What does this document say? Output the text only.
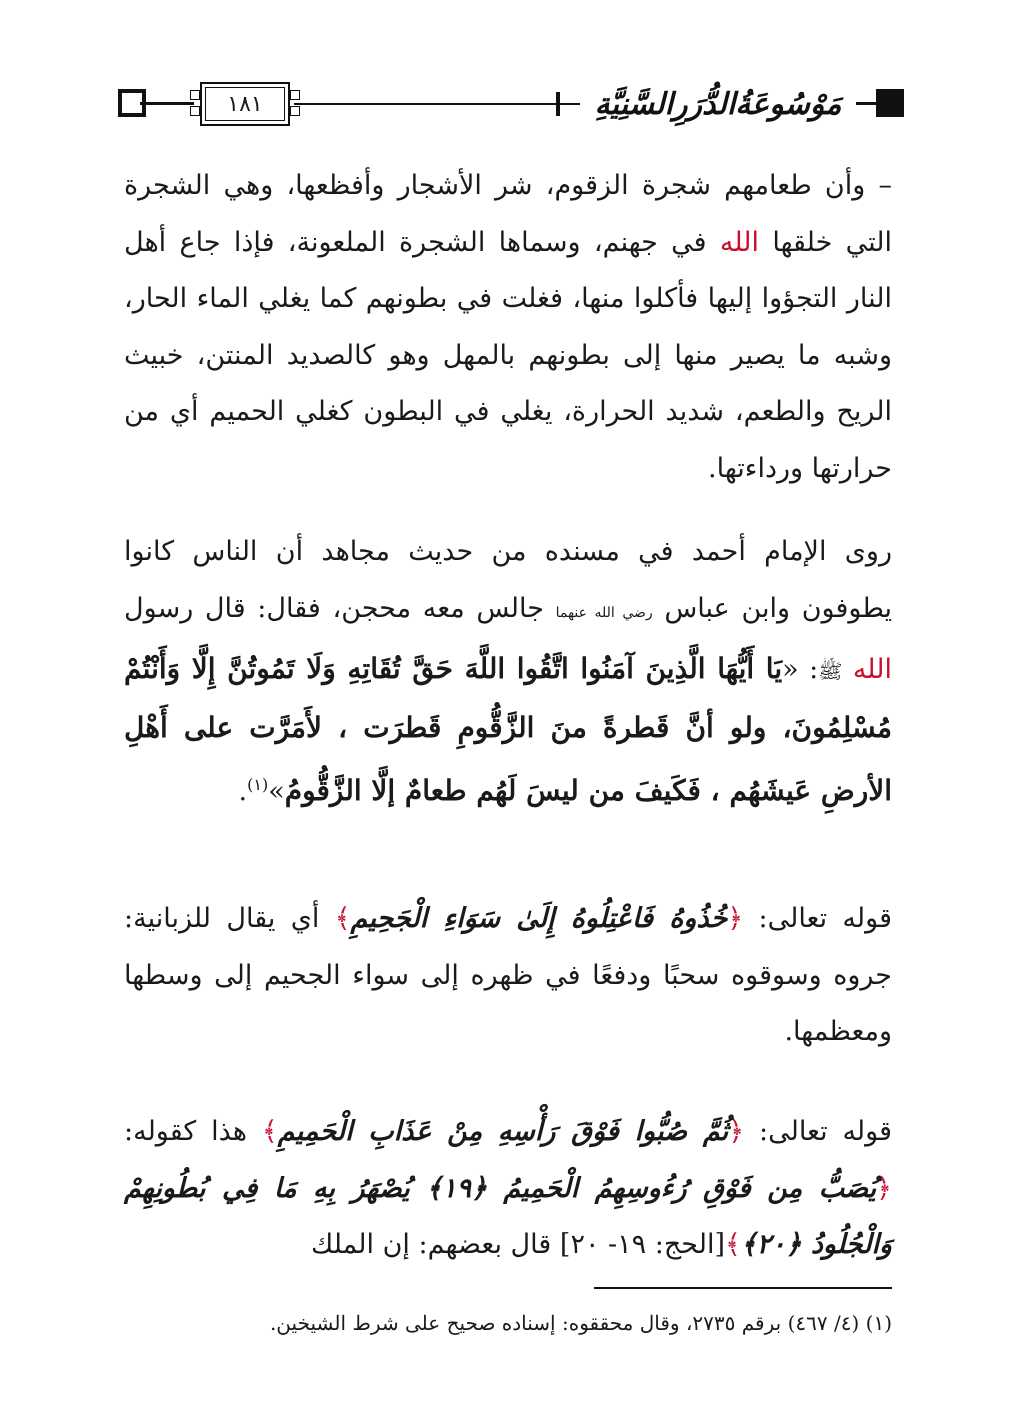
١٨١	مَوْسُوعَةُالدُّرَرِالسَّنِيَّةِ
– وأن طعامهم شجرة الزقوم، شر الأشجار وأفظعها، وهي الشجرة التي خلقها الله في جهنم، وسماها الشجرة الملعونة، فإذا جاع أهل النار التجؤوا إليها فأكلوا منها، فغلت في بطونهم كما يغلي الماء الحار، وشبه ما يصير منها إلى بطونهم بالمهل وهو كالصديد المنتن، خبيث الريح والطعم، شديد الحرارة، يغلي في البطون كغلي الحميم أي من حرارتها ورداءتها.
روى الإمام أحمد في مسنده من حديث مجاهد أن الناس كانوا يطوفون وابن عباس رضي الله عنهما جالس معه محجن، فقال: قال رسول الله ﷺ: «يَا أَيُّهَا الَّذِينَ آمَنُوا اتَّقُوا اللَّهَ حَقَّ تُقَاتِهِ وَلَا تَمُوتُنَّ إِلَّا وَأَنْتُمْ مُسْلِمُونَ، ولو أنَّ قَطرةً منَ الزَّقُّومِ قَطرَت ، لأَمَرَّت على أَهْلِ الأرضِ عَيشَهُم ، فَكَيفَ من ليسَ لَهُم طعامٌ إلَّا الزَّقُّومُ»$^{(١)}$.
قوله تعالى: ﴿خُذُوهُ فَاعْتِلُوهُ إِلَىٰ سَوَاءِ الْجَحِيمِ﴾ أي يقال للزبانية: جروه وسوقوه سحبًا ودفعًا في ظهره إلى سواء الجحيم إلى وسطها ومعظمها.
قوله تعالى: ﴿ثُمَّ صُبُّوا فَوْقَ رَأْسِهِ مِنْ عَذَابِ الْحَمِيمِ﴾ هذا كقوله: ﴿يُصَبُّ مِن فَوْقِ رُءُوسِهِمُ الْحَمِيمُ ﴿١٩﴾ يُصْهَرُ بِهِ مَا فِي بُطُونِهِمْ وَالْجُلُودُ ﴿٢٠﴾﴾[الحج: ١٩- ٢٠] قال بعضهم: إن الملك
(١) (٤/ ٤٦٧) برقم ٢٧٣٥، وقال محققوه: إسناده صحيح على شرط الشيخين.
